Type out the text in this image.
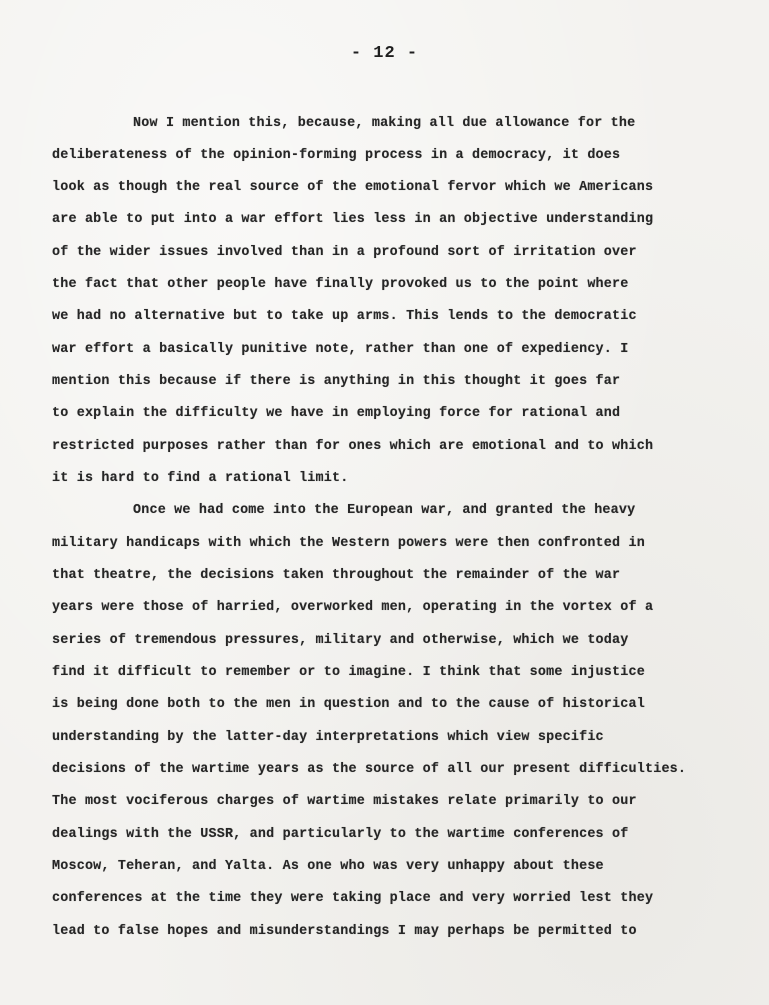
- 12 -
Now I mention this, because, making all due allowance for the
deliberateness of the opinion-forming process in a democracy, it does
look as though the real source of the emotional fervor which we Americans
are able to put into a war effort lies less in an objective understanding
of the wider issues involved than in a profound sort of irritation over
the fact that other people have finally provoked us to the point where
we had no alternative but to take up arms. This lends to the democratic
war effort a basically punitive note, rather than one of expediency. I
mention this because if there is anything in this thought it goes far
to explain the difficulty we have in employing force for rational and
restricted purposes rather than for ones which are emotional and to which
it is hard to find a rational limit.
Once we had come into the European war, and granted the heavy
military handicaps with which the Western powers were then confronted in
that theatre, the decisions taken throughout the remainder of the war
years were those of harried, overworked men, operating in the vortex of a
series of tremendous pressures, military and otherwise, which we today
find it difficult to remember or to imagine. I think that some injustice
is being done both to the men in question and to the cause of historical
understanding by the latter-day interpretations which view specific
decisions of the wartime years as the source of all our present difficulties.
The most vociferous charges of wartime mistakes relate primarily to our
dealings with the USSR, and particularly to the wartime conferences of
Moscow, Teheran, and Yalta. As one who was very unhappy about these
conferences at the time they were taking place and very worried lest they
lead to false hopes and misunderstandings I may perhaps be permitted to
